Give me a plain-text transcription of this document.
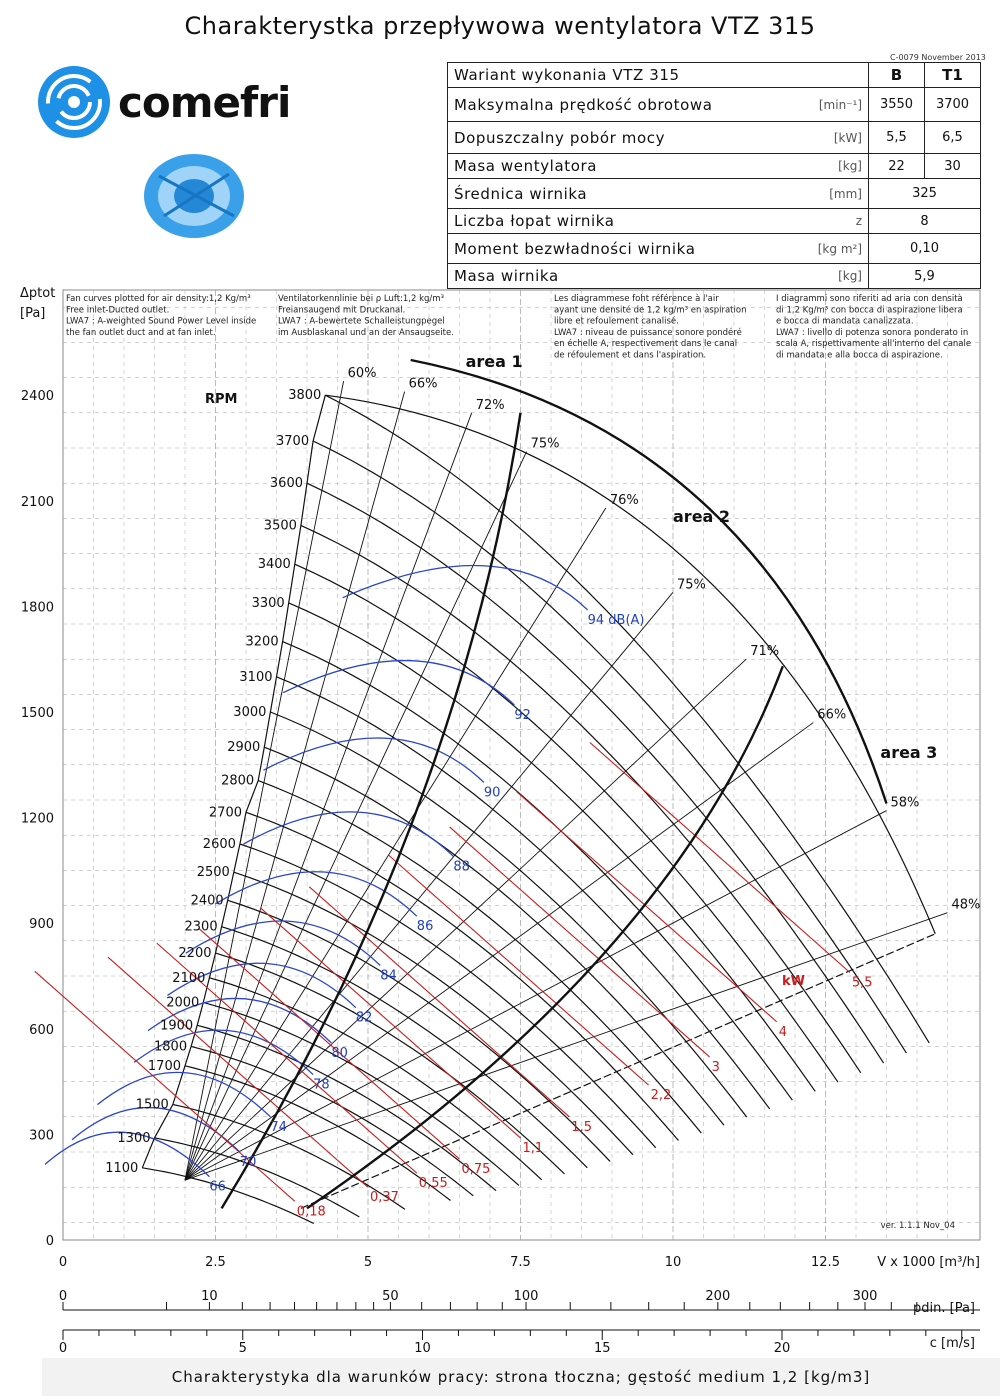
Charakterystka przepływowa wentylatora VTZ 315
C-0079 November 2013
comefri
Wariant wykonania VTZ 315		B	T1
Maksymalna prędkość obrotowa	[min⁻¹]	3550	3700
Dopuszczalny pobór mocy	[kW]	5,5	6,5
Masa wentylatora	[kg]	22	30
Średnica wirnika	[mm]	325	
Liczba łopat wirnika	z	8	
Moment bezwładności wirnika	[kg m²]	0,10	
Masa wirnika	[kg]	5,9	
3800
3700
3600
3500
3400
3300
3200
3100
3000
2900
2800
2700
2600
2500
2400
2300
2200
2100
2000
1900
1800
1700
1500
1300
1100
RPM
60%
66%
72%
75%
76%
75%
71%
66%
58%
48%
94 dB(A)
92
90
88
86
84
82
80
78
74
70
66
5,5
4
3
2,2
1,5
1,1
0,75
0,55
0,37
0,18
kW
area 1
area 2
area 3
Fan curves plotted for air density:1,2 Kg/m³
Free inlet-Ducted outlet.
LWA7 : A-weighted Sound Power Level inside
the fan outlet duct and at fan inlet.
Ventilatorkennlinie bei ρ Luft:1,2 kg/m³
Freiansaugend mit Druckanal.
LWA7 : A-bewertete Schalleistungpegel
im Ausblaskanal und an der Ansaugseite.
Les diagrammese foht référence à l'air
ayant une densité de 1,2 kg/m³ en aspiration
libre et refoulement canalisé.
LWA7 : niveau de puissance sonore pondéré
en échelle A, respectivement dans le canal
de réfoulement et dans l'aspiration.
I diagrammi sono riferiti ad aria con densità
di 1,2 Kg/m³ con bocca di aspirazione libera
e bocca di mandata canalizzata.
LWA7 : livello di potenza sonora ponderato in
scala A, rispettivamente all'interno del canale
di mandata e alla bocca di aspirazione.
ver. 1.1.1 Nov_04
0
300
600
900
1200
1500
1800
2100
2400
Δptot
[Pa]
0	2.5	5	7.5	10	12.5	V x 1000 [m³/h]
0	10	50	100	200	300
pdin. [Pa]
0	5	10	15	20	c [m/s]
Charakterystyka dla warunków pracy: strona tłoczna; gęstość medium 1,2 [kg/m3]
